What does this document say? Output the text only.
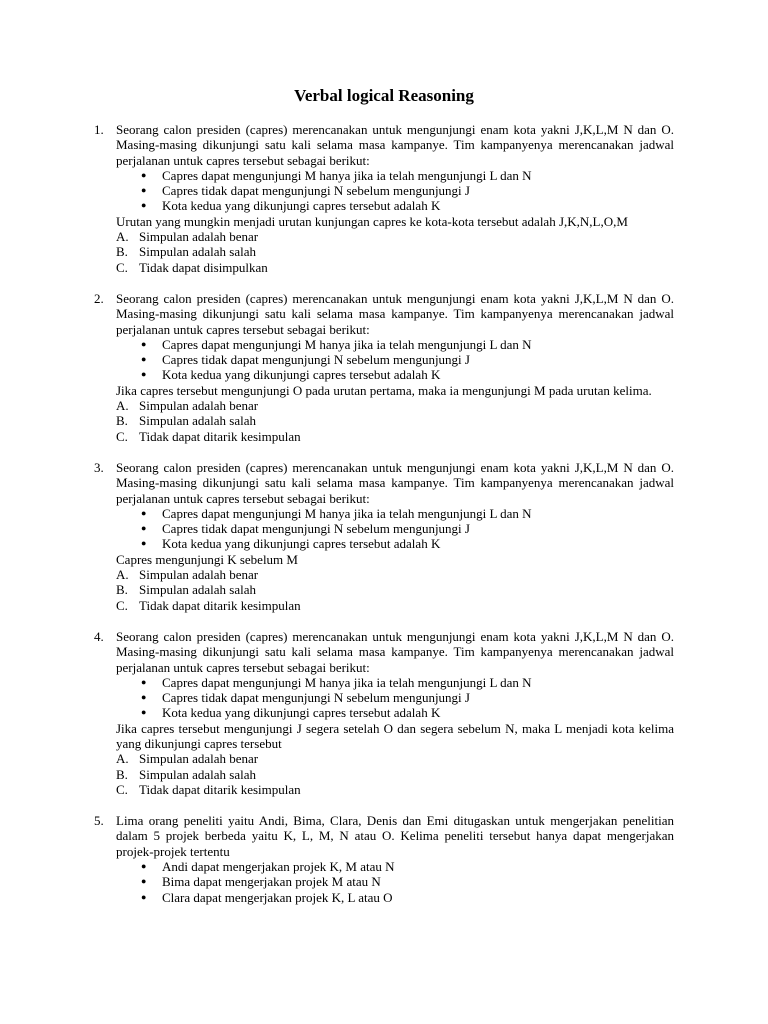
Verbal logical Reasoning
1. Seorang calon presiden (capres) merencanakan untuk mengunjungi enam kota yakni J,K,L,M N dan O. Masing-masing dikunjungi satu kali selama masa kampanye. Tim kampanyenya merencanakan jadwal perjalanan untuk capres tersebut sebagai berikut:
● Capres dapat mengunjungi M hanya jika ia telah mengunjungi L dan N
● Capres tidak dapat mengunjungi N sebelum mengunjungi J
● Kota kedua yang dikunjungi capres tersebut adalah K
Urutan yang mungkin menjadi urutan kunjungan capres ke kota-kota tersebut adalah J,K,N,L,O,M
A. Simpulan adalah benar
B. Simpulan adalah salah
C. Tidak dapat disimpulkan
2. Seorang calon presiden (capres) merencanakan untuk mengunjungi enam kota yakni J,K,L,M N dan O. Masing-masing dikunjungi satu kali selama masa kampanye. Tim kampanyenya merencanakan jadwal perjalanan untuk capres tersebut sebagai berikut:
● Capres dapat mengunjungi M hanya jika ia telah mengunjungi L dan N
● Capres tidak dapat mengunjungi N sebelum mengunjungi J
● Kota kedua yang dikunjungi capres tersebut adalah K
Jika capres tersebut mengunjungi O pada urutan pertama, maka ia mengunjungi M pada urutan kelima.
A. Simpulan adalah benar
B. Simpulan adalah salah
C. Tidak dapat ditarik kesimpulan
3. Seorang calon presiden (capres) merencanakan untuk mengunjungi enam kota yakni J,K,L,M N dan O. Masing-masing dikunjungi satu kali selama masa kampanye. Tim kampanyenya merencanakan jadwal perjalanan untuk capres tersebut sebagai berikut:
● Capres dapat mengunjungi M hanya jika ia telah mengunjungi L dan N
● Capres tidak dapat mengunjungi N sebelum mengunjungi J
● Kota kedua yang dikunjungi capres tersebut adalah K
Capres mengunjungi K sebelum M
A. Simpulan adalah benar
B. Simpulan adalah salah
C. Tidak dapat ditarik kesimpulan
4. Seorang calon presiden (capres) merencanakan untuk mengunjungi enam kota yakni J,K,L,M N dan O. Masing-masing dikunjungi satu kali selama masa kampanye. Tim kampanyenya merencanakan jadwal perjalanan untuk capres tersebut sebagai berikut:
● Capres dapat mengunjungi M hanya jika ia telah mengunjungi L dan N
● Capres tidak dapat mengunjungi N sebelum mengunjungi J
● Kota kedua yang dikunjungi capres tersebut adalah K
Jika capres tersebut mengunjungi J segera setelah O dan segera sebelum N, maka L menjadi kota kelima yang dikunjungi capres tersebut
A. Simpulan adalah benar
B. Simpulan adalah salah
C. Tidak dapat ditarik kesimpulan
5. Lima orang peneliti yaitu Andi, Bima, Clara, Denis dan Emi ditugaskan untuk mengerjakan penelitian dalam 5 projek berbeda yaitu K, L, M, N atau O. Kelima peneliti tersebut hanya dapat mengerjakan projek-projek tertentu
● Andi dapat mengerjakan projek K, M atau N
● Bima dapat mengerjakan projek M atau N
● Clara dapat mengerjakan projek K, L atau O
